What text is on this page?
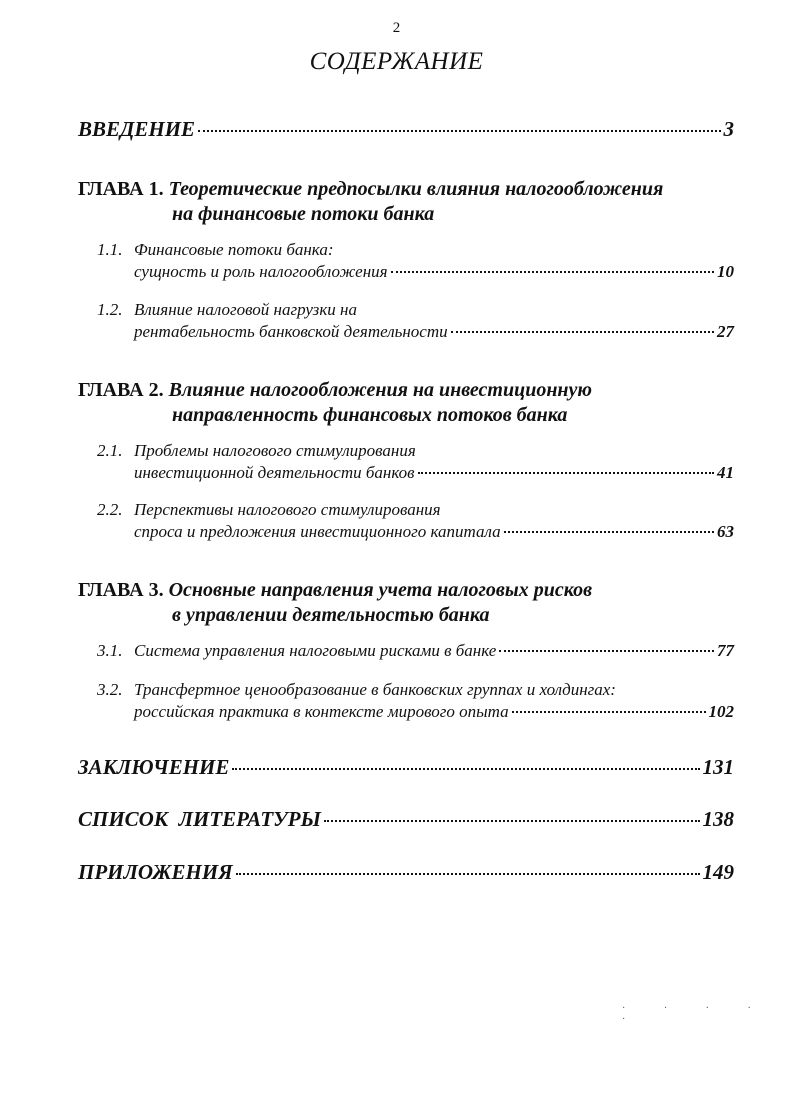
2
СОДЕРЖАНИЕ
ВВЕДЕНИЕ	3
ГЛАВА 1. Теоретические предпосылки влияния налогообложения
на финансовые потоки банка
1.1. Финансовые потоки банка:
сущность и роль налогообложения	10
1.2. Влияние налоговой нагрузки на
рентабельность банковской деятельности	27
ГЛАВА 2. Влияние налогообложения на инвестиционную
направленность финансовых потоков банка
2.1. Проблемы налогового стимулирования
инвестиционной деятельности банков	41
2.2. Перспективы налогового стимулирования
спроса и предложения инвестиционного капитала	63
ГЛАВА 3. Основные направления учета налоговых рисков
в управлении деятельностью банка
3.1. Система управления налоговыми рисками в банке	77
3.2. Трансфертное ценообразование в банковских группах и холдингах:
российская практика в контексте мирового опыта	102
ЗАКЛЮЧЕНИЕ	131
СПИСОК  ЛИТЕРАТУРЫ	138
ПРИЛОЖЕНИЯ	149
· · · · ·
